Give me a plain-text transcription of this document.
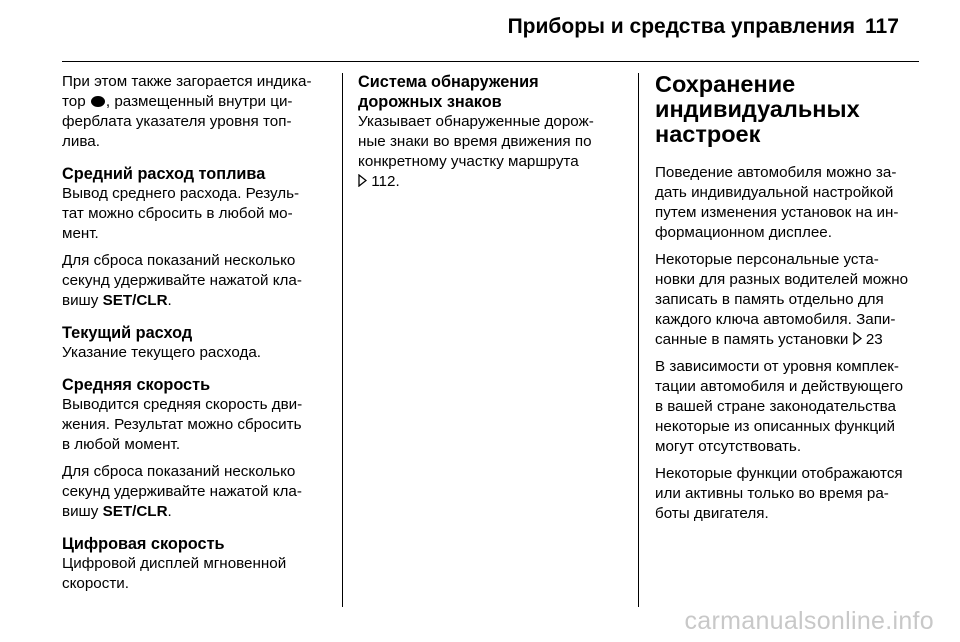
Приборы и средства управления 117
При этом также загорается индика-
тор , размещенный внутри ци-
ферблата указателя уровня топ-
лива.
Средний расход топлива
Вывод среднего расхода. Резуль-
тат можно сбросить в любой мо-
мент.
Для сброса показаний несколько
секунд удерживайте нажатой кла-
вишу SET/CLR.
Текущий расход
Указание текущего расхода.
Средняя скорость
Выводится средняя скорость дви-
жения. Результат можно сбросить
в любой момент.
Для сброса показаний несколько
секунд удерживайте нажатой кла-
вишу SET/CLR.
Цифровая скорость
Цифровой дисплей мгновенной
скорости.
Система обнаружения
дорожных знаков
Указывает обнаруженные дорож-
ные знаки во время движения по
конкретному участку маршрута
112.
Сохранение
индивидуальных
настроек
Поведение автомобиля можно за-
дать индивидуальной настройкой
путем изменения установок на ин-
формационном дисплее.
Некоторые персональные уста-
новки для разных водителей можно
записать в память отдельно для
каждого ключа автомобиля. Запи-
санные в память установки  23
В зависимости от уровня комплек-
тации автомобиля и действующего
в вашей стране законодательства
некоторые из описанных функций
могут отсутствовать.
Некоторые функции отображаются
или активны только во время ра-
боты двигателя.
carmanualsonline.info
